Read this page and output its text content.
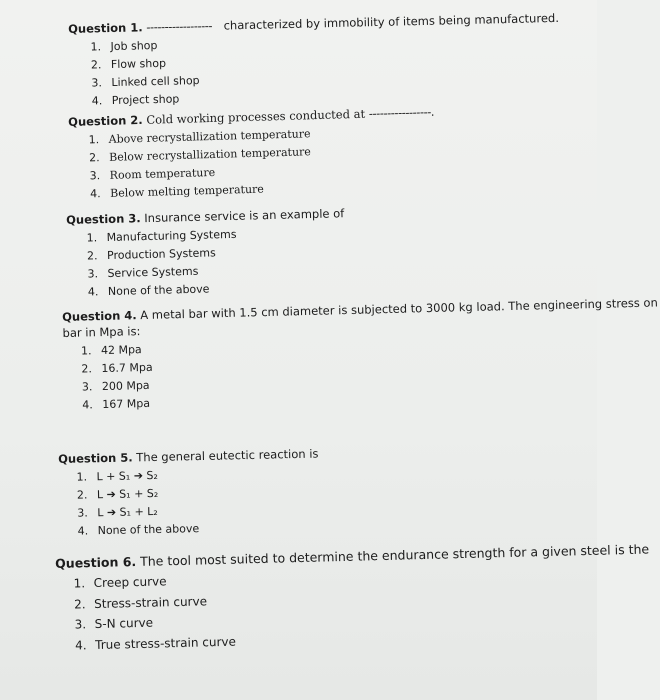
Question 1. ------------------ characterized by immobility of items being manufactured.

1. Job shop
2. Flow shop
3. Linked cell shop
4. Project shop

Question 2. Cold working processes conducted at -----------------.

1. Above recrystallization temperature
2. Below recrystallization temperature
3. Room temperature
4. Below melting temperature

Question 3. Insurance service is an example of

1. Manufacturing Systems
2. Production Systems
3. Service Systems
4. None of the above

Question 4. A metal bar with 1.5 cm diameter is subjected to 3000 kg load. The engineering stress on

bar in Mpa is:

1. 42 Mpa
2. 16.7 Mpa
3. 200 Mpa
4. 167 Mpa

Question 5. The general eutectic reaction is

1. L + S₁ ➔ S₂
2. L ➔ S₁ + S₂
3. L ➔ S₁ + L₂
4. None of the above

Question 6. The tool most suited to determine the endurance strength for a given steel is the

1. Creep curve
2. Stress-strain curve
3. S-N curve
4. True stress-strain curve
